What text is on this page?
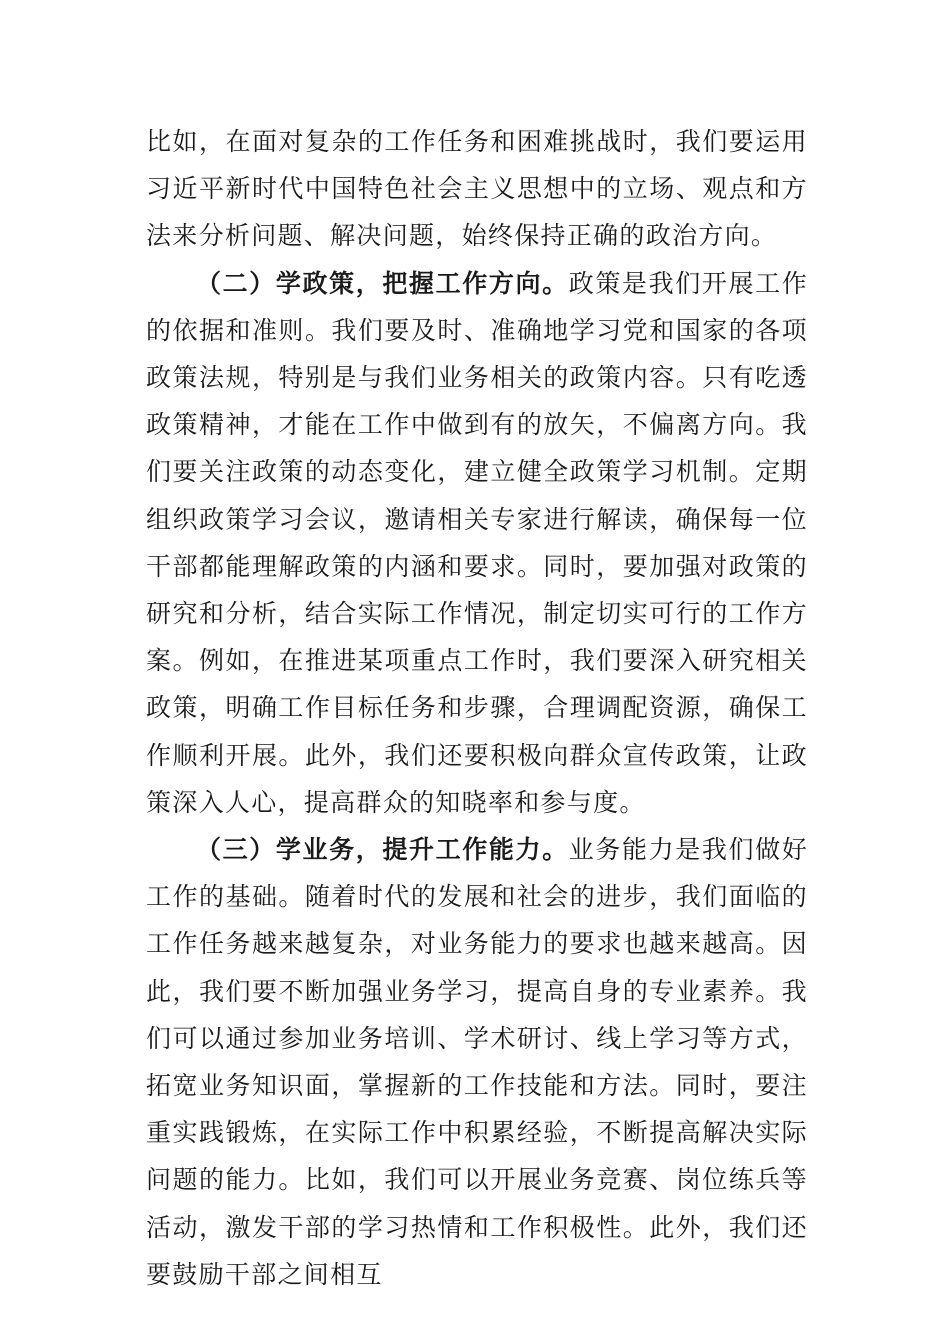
比如，在面对复杂的工作任务和困难挑战时，我们要运用习近平新时代中国特色社会主义思想中的立场、观点和方法来分析问题、解决问题，始终保持正确的政治方向。

（二）学政策，把握工作方向。政策是我们开展工作的依据和准则。我们要及时、准确地学习党和国家的各项政策法规，特别是与我们业务相关的政策内容。只有吃透政策精神，才能在工作中做到有的放矢，不偏离方向。我们要关注政策的动态变化，建立健全政策学习机制。定期组织政策学习会议，邀请相关专家进行解读，确保每一位干部都能理解政策的内涵和要求。同时，要加强对政策的研究和分析，结合实际工作情况，制定切实可行的工作方案。例如，在推进某项重点工作时，我们要深入研究相关政策，明确工作目标任务和步骤，合理调配资源，确保工作顺利开展。此外，我们还要积极向群众宣传政策，让政策深入人心，提高群众的知晓率和参与度。

（三）学业务，提升工作能力。业务能力是我们做好工作的基础。随着时代的发展和社会的进步，我们面临的工作任务越来越复杂，对业务能力的要求也越来越高。因此，我们要不断加强业务学习，提高自身的专业素养。我们可以通过参加业务培训、学术研讨、线上学习等方式，拓宽业务知识面，掌握新的工作技能和方法。同时，要注重实践锻炼，在实际工作中积累经验，不断提高解决实际问题的能力。比如，我们可以开展业务竞赛、岗位练兵等活动，激发干部的学习热情和工作积极性。此外，我们还要鼓励干部之间相互
